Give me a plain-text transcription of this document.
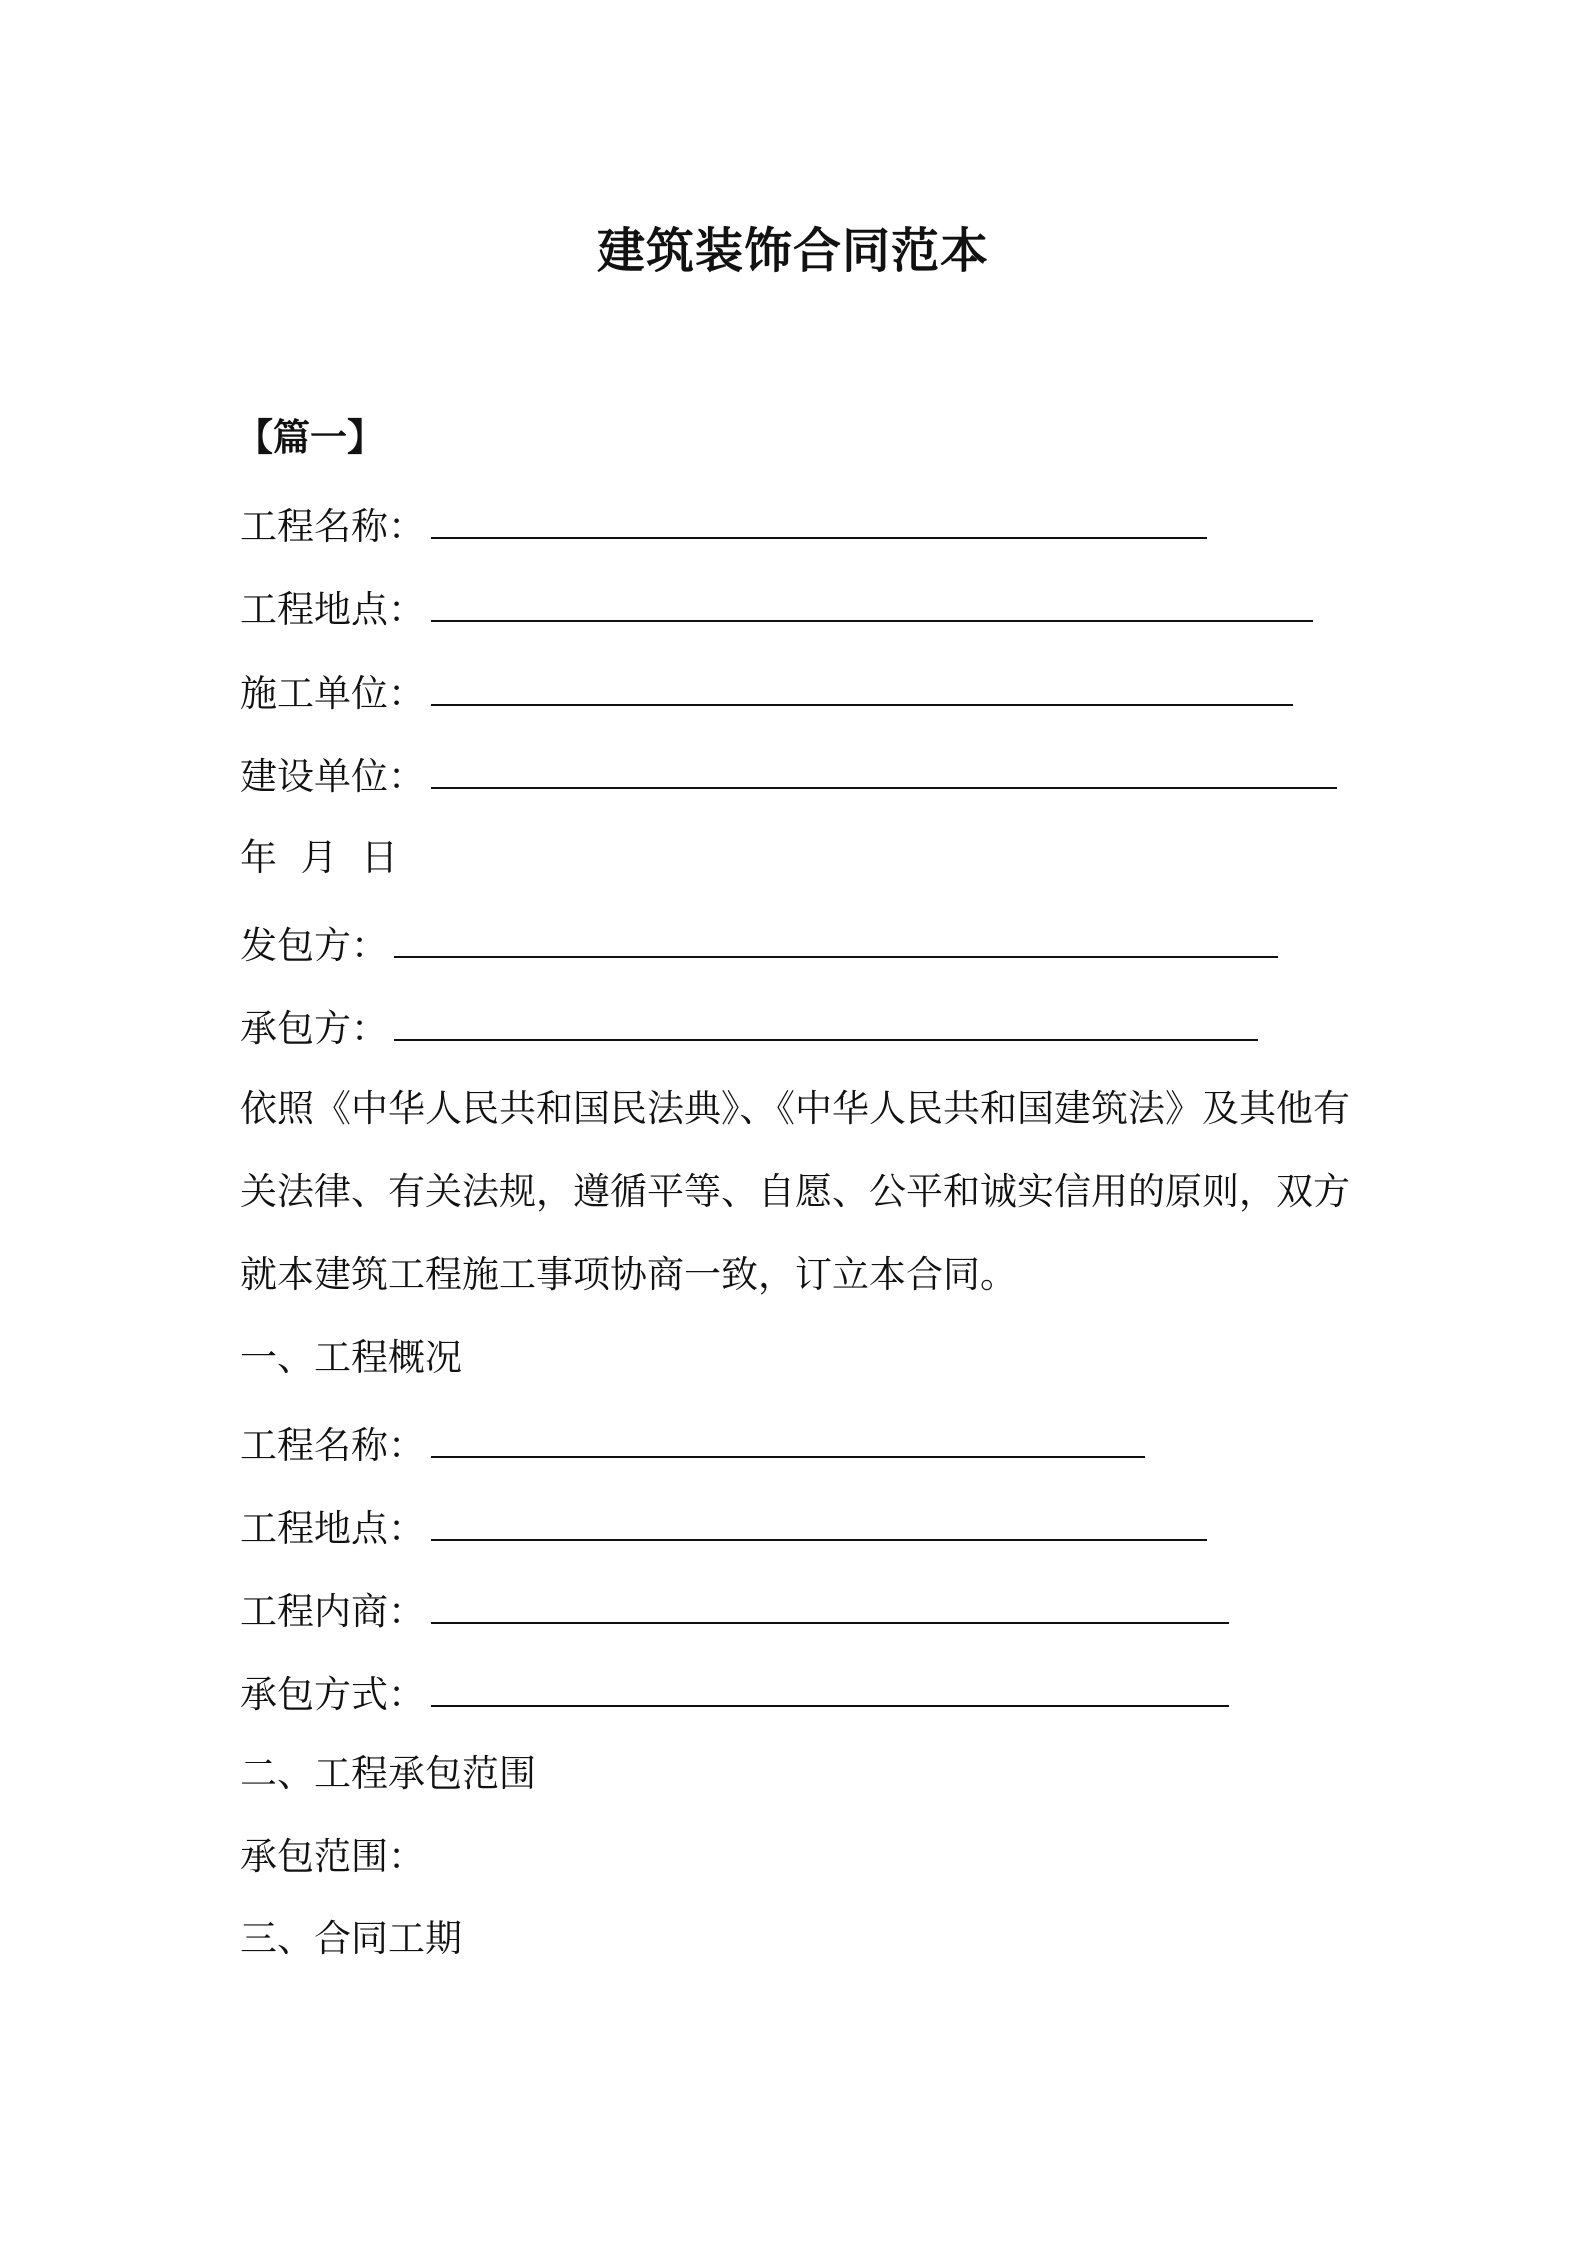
建筑装饰合同范本
【篇一】
工程名称：
工程地点：
施工单位：
建设单位：
年  月  日
发包方：
承包方：
依照《中华人民共和国民法典》、《中华人民共和国建筑法》及其他有
关法律、有关法规，遵循平等、自愿、公平和诚实信用的原则，双方
就本建筑工程施工事项协商一致，订立本合同。
一、工程概况
工程名称：
工程地点：
工程内商：
承包方式：
二、工程承包范围
承包范围：
三、合同工期
